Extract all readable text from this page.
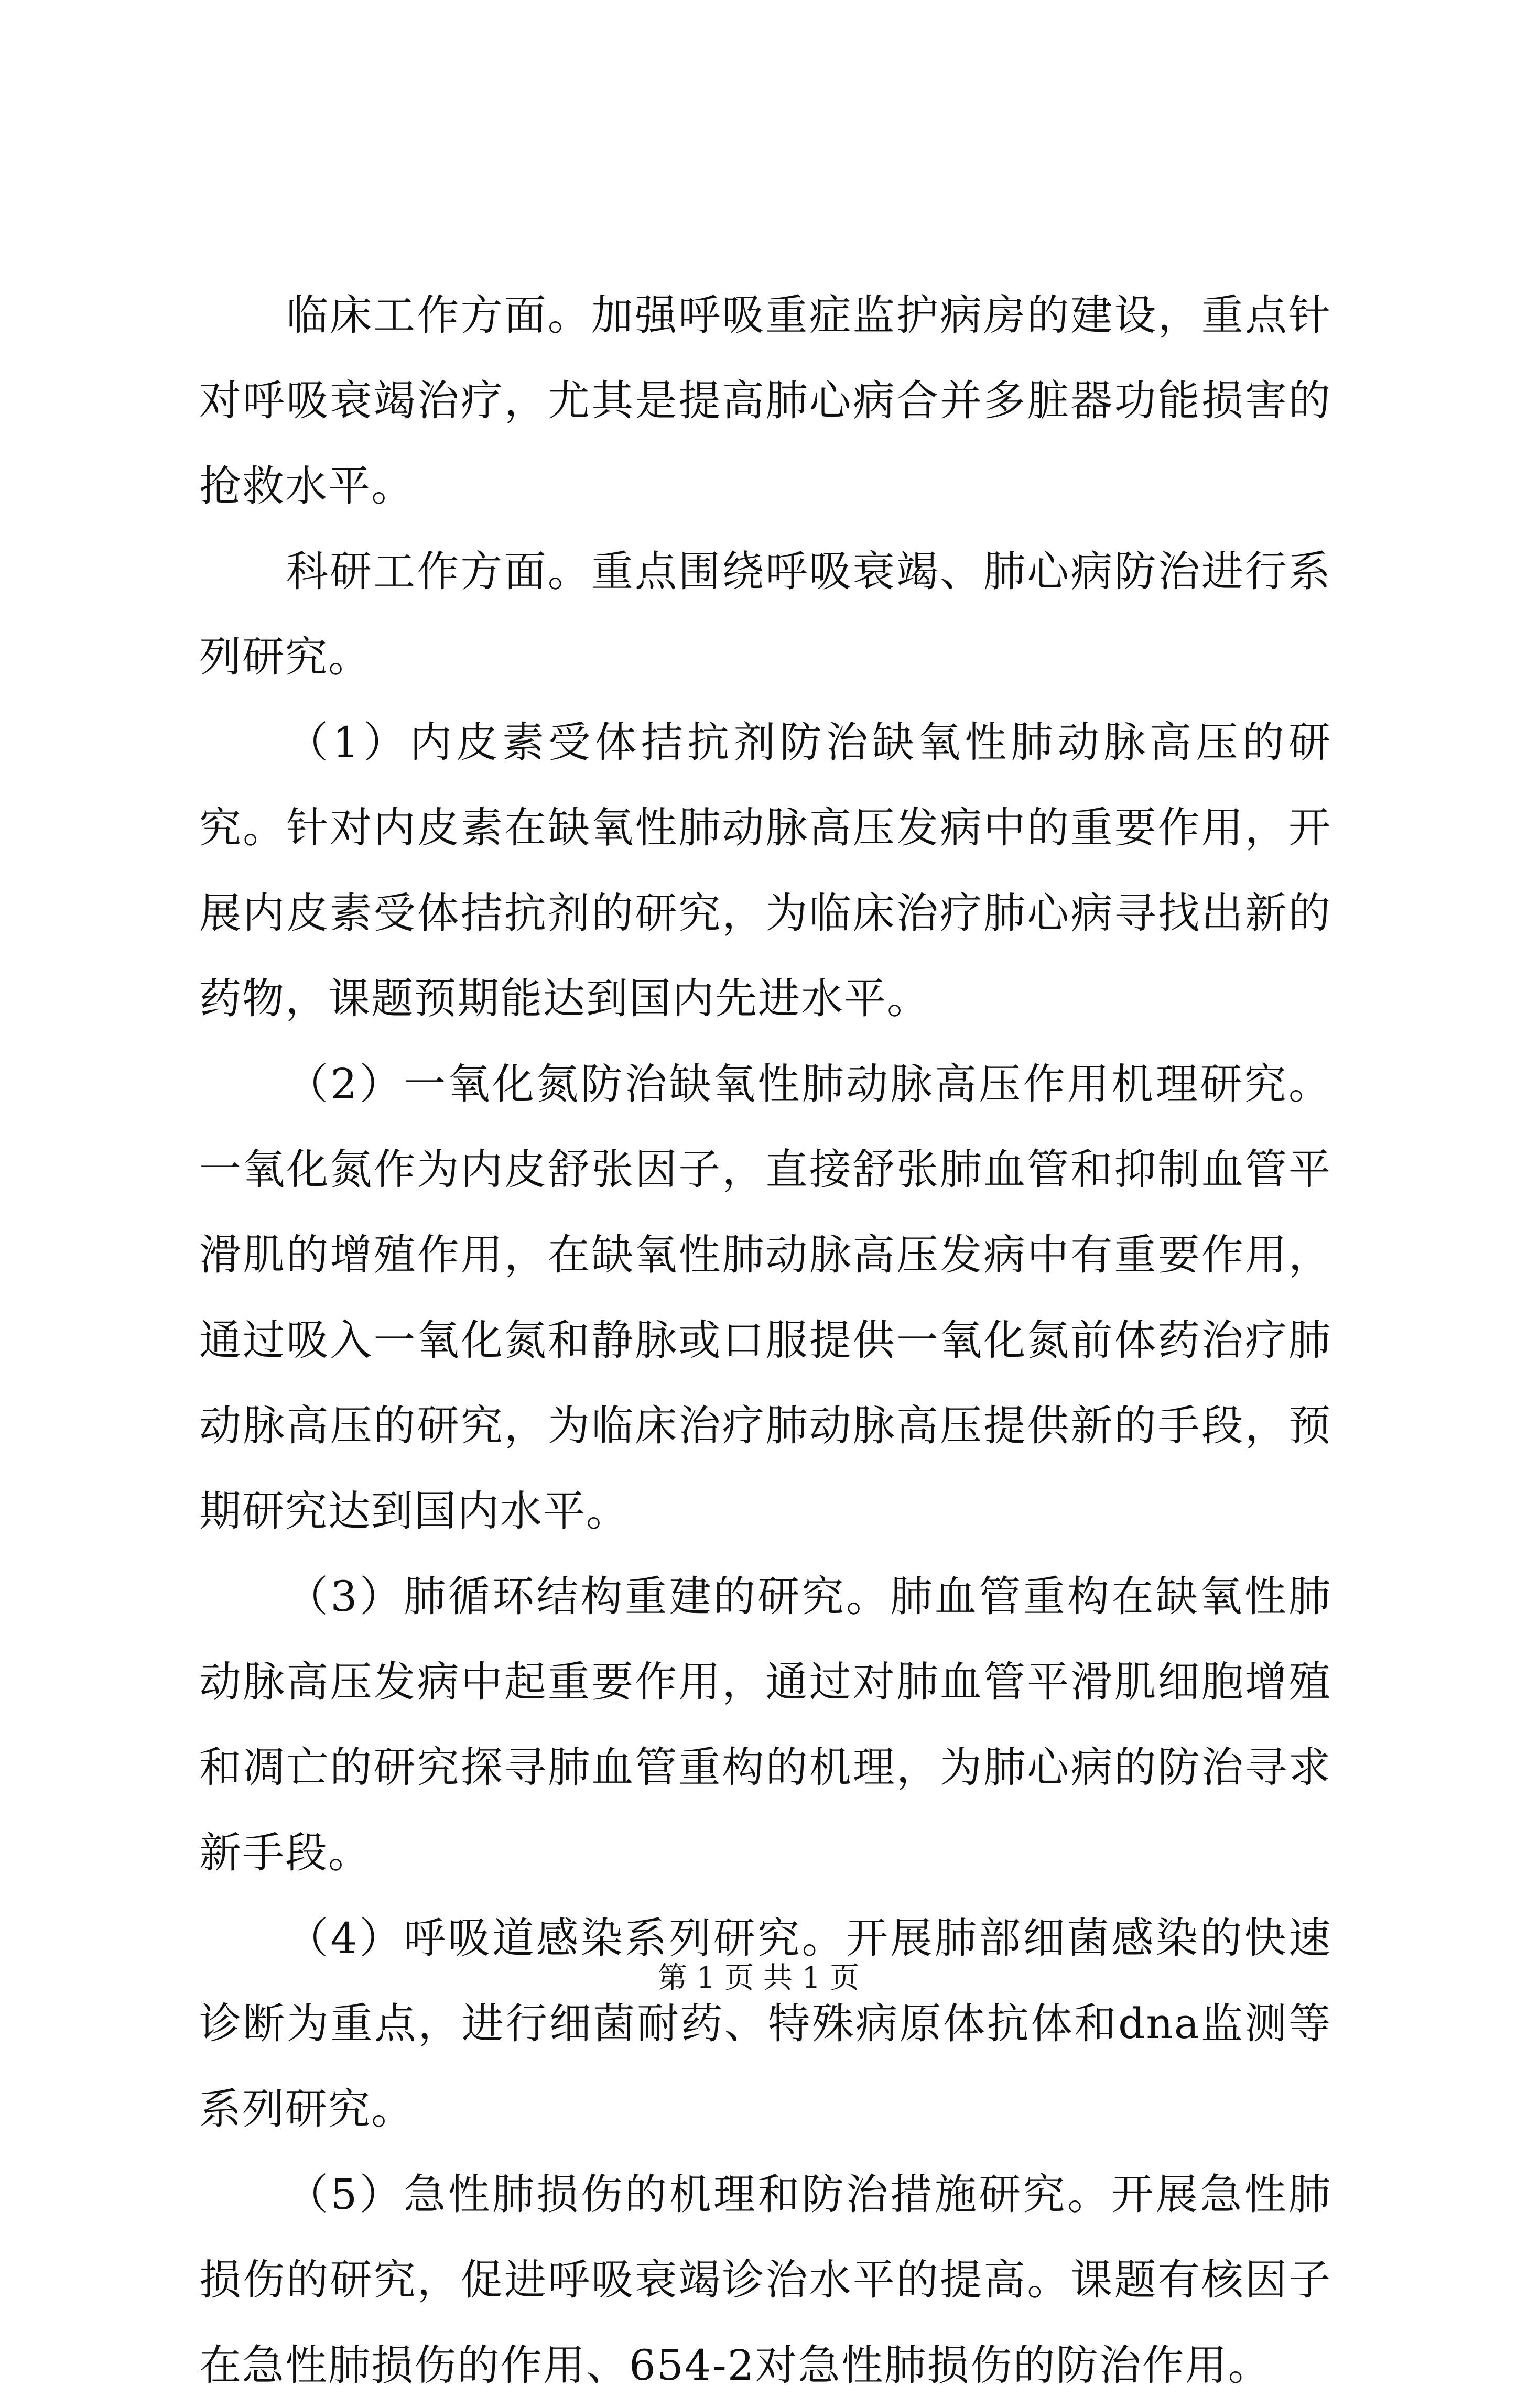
临床工作方面。加强呼吸重症监护病房的建设，重点针对呼吸衰竭治疗，尤其是提高肺心病合并多脏器功能损害的抢救水平。

科研工作方面。重点围绕呼吸衰竭、肺心病防治进行系列研究。

（1）内皮素受体拮抗剂防治缺氧性肺动脉高压的研究。针对内皮素在缺氧性肺动脉高压发病中的重要作用，开展内皮素受体拮抗剂的研究，为临床治疗肺心病寻找出新的药物，课题预期能达到国内先进水平。

（2）一氧化氮防治缺氧性肺动脉高压作用机理研究。一氧化氮作为内皮舒张因子，直接舒张肺血管和抑制血管平滑肌的增殖作用，在缺氧性肺动脉高压发病中有重要作用，通过吸入一氧化氮和静脉或口服提供一氧化氮前体药治疗肺动脉高压的研究，为临床治疗肺动脉高压提供新的手段，预期研究达到国内水平。

（3）肺循环结构重建的研究。肺血管重构在缺氧性肺动脉高压发病中起重要作用，通过对肺血管平滑肌细胞增殖和凋亡的研究探寻肺血管重构的机理，为肺心病的防治寻求新手段。

（4）呼吸道感染系列研究。开展肺部细菌感染的快速诊断为重点，进行细菌耐药、特殊病原体抗体和dna监测等系列研究。

（5）急性肺损伤的机理和防治措施研究。开展急性肺损伤的研究，促进呼吸衰竭诊治水平的提高。课题有核因子在急性肺损伤的作用、654-2对急性肺损伤的防治作用。

第 1 页 共 1 页
